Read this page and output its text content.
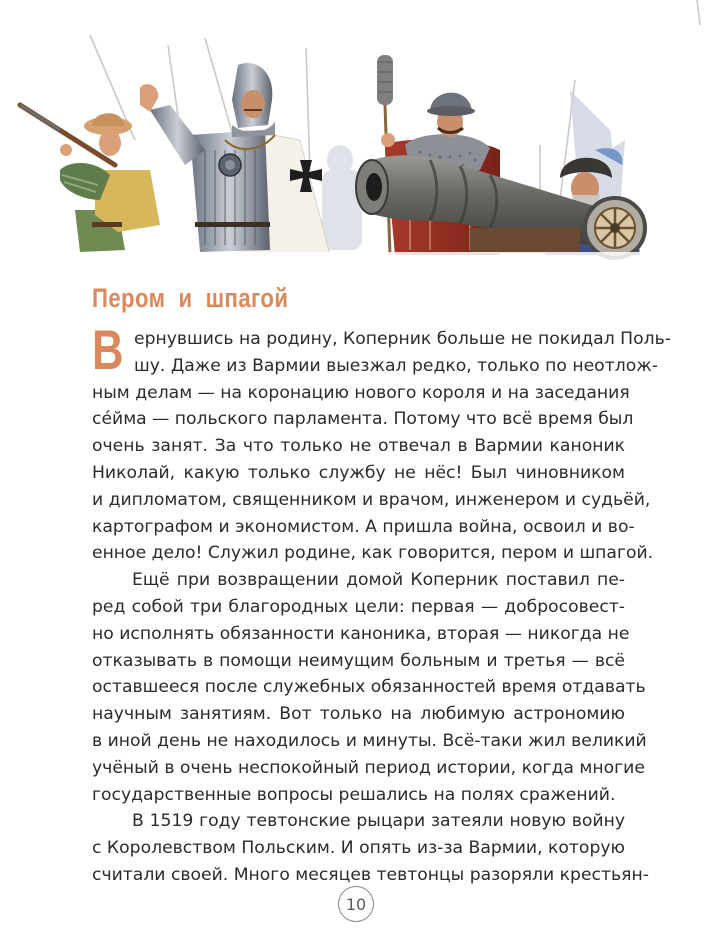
Пером и шпагой
В ернувшись на родину, Коперник больше не покидал Поль-
шу. Даже из Вармии выезжал редко, только по неотлож-
ным делам — на коронацию нового короля и на заседания
сéйма — польского парламента. Потому что всё время был
очень занят. За что только не отвечал в Вармии каноник
Николай, какую только службу не нёс! Был чиновником
и дипломатом, священником и врачом, инженером и судьёй,
картографом и экономистом. А пришла война, освоил и во-
енное дело! Служил родине, как говорится, пером и шпагой.
Ещё при возвращении домой Коперник поставил пе-
ред собой три благородных цели: первая — добросовест-
но исполнять обязанности каноника, вторая — никогда не
отказывать в помощи неимущим больным и третья — всё
оставшееся после служебных обязанностей время отдавать
научным занятиям. Вот только на любимую астрономию
в иной день не находилось и минуты. Всё-таки жил великий
учёный в очень неспокойный период истории, когда многие
государственные вопросы решались на полях сражений.
В 1519 году тевтонские рыцари затеяли новую войну
с Королевством Польским. И опять из-за Вармии, которую
считали своей. Много месяцев тевтонцы разоряли крестьян-
10
